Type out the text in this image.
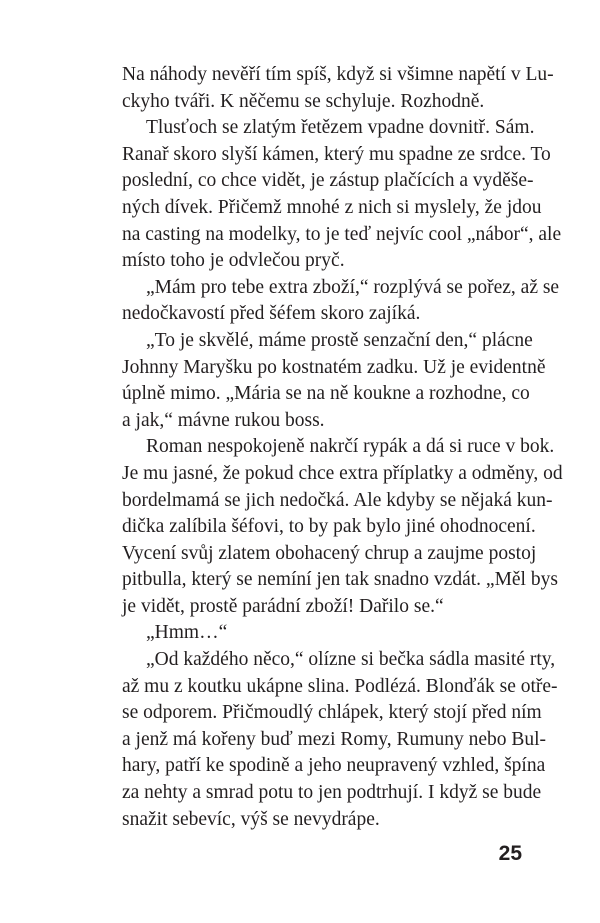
Na náhody nevěří tím spíš, když si všimne napětí v Lu-
ckyho tváři. K něčemu se schyluje. Rozhodně.
Tlusťoch se zlatým řetězem vpadne dovnitř. Sám.
Ranař skoro slyší kámen, který mu spadne ze srdce. To
poslední, co chce vidět, je zástup plačících a vyděše-
ných dívek. Přičemž mnohé z nich si myslely, že jdou
na casting na modelky, to je teď nejvíc cool „nábor“, ale
místo toho je odvlečou pryč.
„Mám pro tebe extra zboží,“ rozplývá se pořez, až se
nedočkavostí před šéfem skoro zajíká.
„To je skvělé, máme prostě senzační den,“ plácne
Johnny Maryšku po kostnatém zadku. Už je evidentně
úplně mimo. „Mária se na ně koukne a rozhodne, co
a jak,“ mávne rukou boss.
Roman nespokojeně nakrčí rypák a dá si ruce v bok.
Je mu jasné, že pokud chce extra příplatky a odměny, od
bordelmamá se jich nedočká. Ale kdyby se nějaká kun-
dička zalíbila šéfovi, to by pak bylo jiné ohodnocení.
Vycení svůj zlatem obohacený chrup a zaujme postoj
pitbulla, který se nemíní jen tak snadno vzdát. „Měl bys
je vidět, prostě parádní zboží! Dařilo se.“
„Hmm…“
„Od každého něco,“ olízne si bečka sádla masité rty,
až mu z koutku ukápne slina. Podlézá. Blonďák se otře-
se odporem. Přičmoudlý chlápek, který stojí před ním
a jenž má kořeny buď mezi Romy, Rumuny nebo Bul-
hary, patří ke spodině a jeho neupravený vzhled, špína
za nehty a smrad potu to jen podtrhují. I když se bude
snažit sebevíc, výš se nevydrápe.
25
